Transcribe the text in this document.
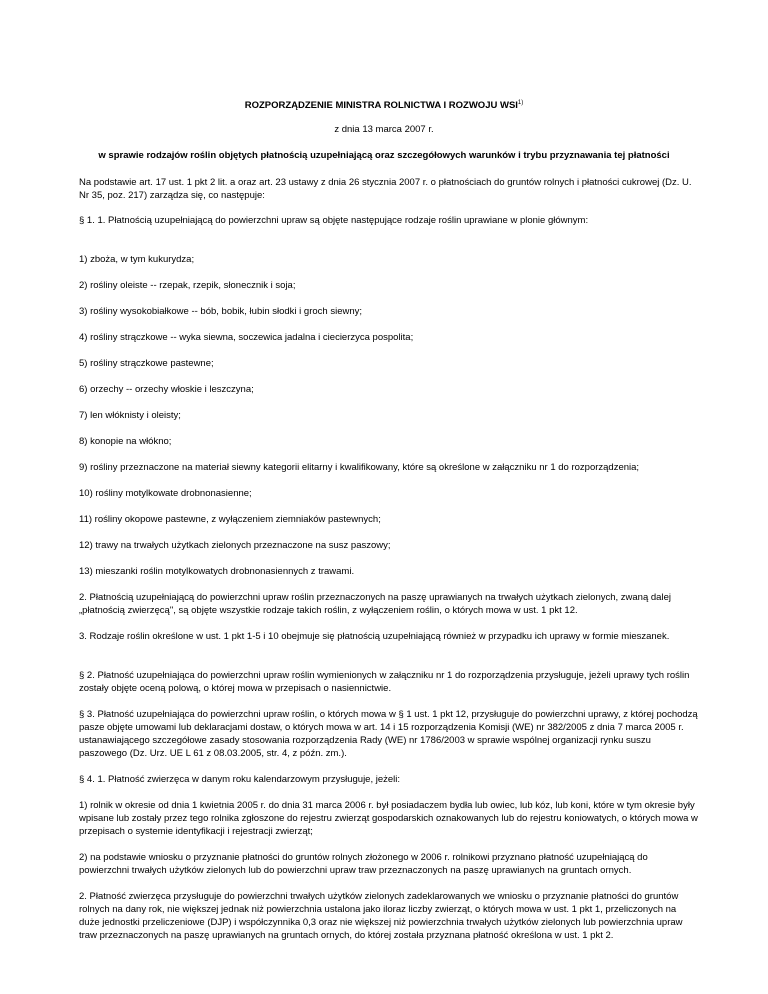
ROZPORZĄDZENIE MINISTRA ROLNICTWA I ROZWOJU WSI$^{1)}$
z dnia 13 marca 2007 r.
w sprawie rodzajów roślin objętych płatnością uzupełniającą oraz szczegółowych warunków i trybu przyznawania tej płatności

Na podstawie art. 17 ust. 1 pkt 2 lit. a oraz art. 23 ustawy z dnia 26 stycznia 2007 r. o płatnościach do gruntów rolnych i płatności cukrowej (Dz. U. Nr 35, poz. 217) zarządza się, co następuje:

§ 1. 1. Płatnością uzupełniającą do powierzchni upraw są objęte następujące rodzaje roślin uprawiane w plonie głównym:

1) zboża, w tym kukurydza;

2) rośliny oleiste -- rzepak, rzepik, słonecznik i soja;

3) rośliny wysokobiałkowe -- bób, bobik, łubin słodki i groch siewny;

4) rośliny strączkowe -- wyka siewna, soczewica jadalna i ciecierzyca pospolita;

5) rośliny strączkowe pastewne;

6) orzechy -- orzechy włoskie i leszczyna;

7) len włóknisty i oleisty;

8) konopie na włókno;

9) rośliny przeznaczone na materiał siewny kategorii elitarny i kwalifikowany, które są określone w załączniku nr 1 do rozporządzenia;

10) rośliny motylkowate drobnonasienne;

11) rośliny okopowe pastewne, z wyłączeniem ziemniaków pastewnych;

12) trawy na trwałych użytkach zielonych przeznaczone na susz paszowy;

13) mieszanki roślin motylkowatych drobnonasiennych z trawami.

2. Płatnością uzupełniającą do powierzchni upraw roślin przeznaczonych na paszę uprawianych na trwałych użytkach zielonych, zwaną dalej „płatnością zwierzęcą", są objęte wszystkie rodzaje takich roślin, z wyłączeniem roślin, o których mowa w ust. 1 pkt 12.

3. Rodzaje roślin określone w ust. 1 pkt 1-5 i 10 obejmuje się płatnością uzupełniającą również w przypadku ich uprawy w formie mieszanek.

§ 2. Płatność uzupełniająca do powierzchni upraw roślin wymienionych w załączniku nr 1 do rozporządzenia przysługuje, jeżeli uprawy tych roślin zostały objęte oceną polową, o której mowa w przepisach o nasiennictwie.

§ 3. Płatność uzupełniająca do powierzchni upraw roślin, o których mowa w § 1 ust. 1 pkt 12, przysługuje do powierzchni uprawy, z której pochodzą pasze objęte umowami lub deklaracjami dostaw, o których mowa w art. 14 i 15 rozporządzenia Komisji (WE) nr 382/2005 z dnia 7 marca 2005 r. ustanawiającego szczegółowe zasady stosowania rozporządzenia Rady (WE) nr 1786/2003 w sprawie wspólnej organizacji rynku suszu paszowego (Dz. Urz. UE L 61 z 08.03.2005, str. 4, z późn. zm.).

§ 4. 1. Płatność zwierzęca w danym roku kalendarzowym przysługuje, jeżeli:

1) rolnik w okresie od dnia 1 kwietnia 2005 r. do dnia 31 marca 2006 r. był posiadaczem bydła lub owiec, lub kóz, lub koni, które w tym okresie były wpisane lub zostały przez tego rolnika zgłoszone do rejestru zwierząt gospodarskich oznakowanych lub do rejestru koniowatych, o których mowa w przepisach o systemie identyfikacji i rejestracji zwierząt;

2) na podstawie wniosku o przyznanie płatności do gruntów rolnych złożonego w 2006 r. rolnikowi przyznano płatność uzupełniającą do powierzchni trwałych użytków zielonych lub do powierzchni upraw traw przeznaczonych na paszę uprawianych na gruntach ornych.

2. Płatność zwierzęca przysługuje do powierzchni trwałych użytków zielonych zadeklarowanych we wniosku o przyznanie płatności do gruntów rolnych na dany rok, nie większej jednak niż powierzchnia ustalona jako iloraz liczby zwierząt, o których mowa w ust. 1 pkt 1, przeliczonych na duże jednostki przeliczeniowe (DJP) i współczynnika 0,3 oraz nie większej niż powierzchnia trwałych użytków zielonych lub powierzchnia upraw traw przeznaczonych na paszę uprawianych na gruntach ornych, do której została przyznana płatność określona w ust. 1 pkt 2.
